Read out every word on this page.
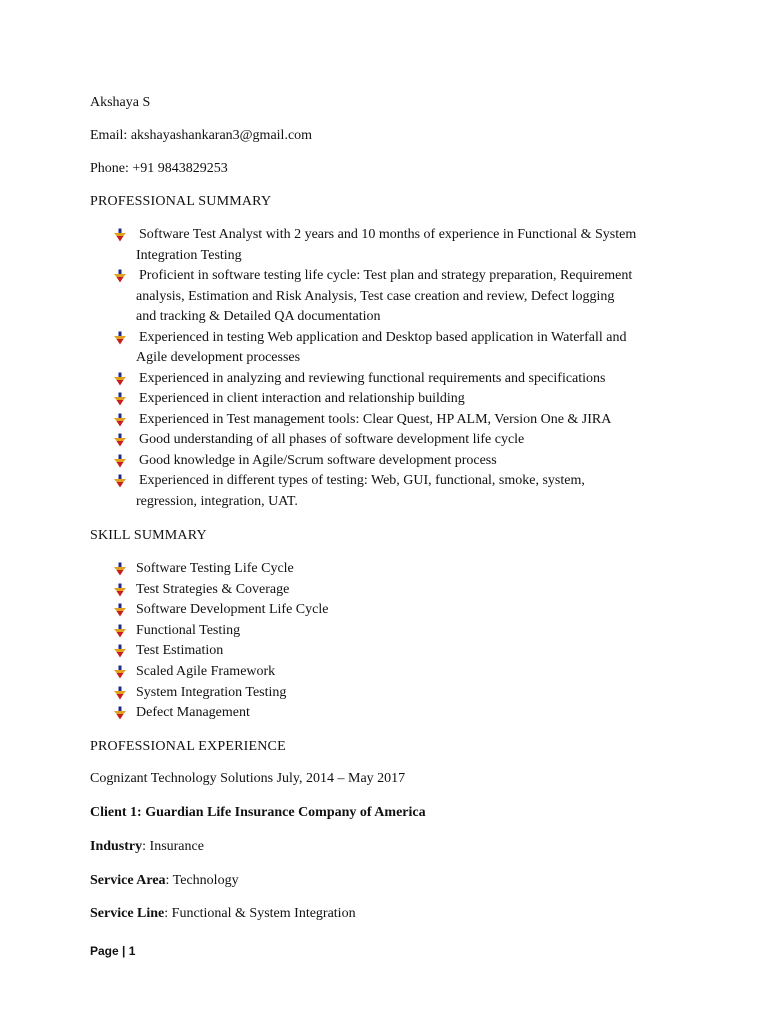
Akshaya S
Email: akshayashankaran3@gmail.com
Phone: +91 9843829253
PROFESSIONAL SUMMARY
Software Test Analyst with 2 years and 10 months of experience in Functional & System
Integration Testing
Proficient in software testing life cycle: Test plan and strategy preparation, Requirement
analysis, Estimation and Risk Analysis, Test case creation and review, Defect logging
and tracking & Detailed QA documentation
Experienced in testing Web application and Desktop based application in Waterfall and
Agile development processes
Experienced in analyzing and reviewing functional requirements and specifications
Experienced in client interaction and relationship building
Experienced in Test management tools: Clear Quest, HP ALM, Version One & JIRA
Good understanding of all phases of software development life cycle
Good knowledge in Agile/Scrum software development process
Experienced in different types of testing: Web, GUI, functional, smoke, system,
regression, integration, UAT.
SKILL SUMMARY
Software Testing Life Cycle
Test Strategies & Coverage
Software Development Life Cycle
Functional Testing
Test Estimation
Scaled Agile Framework
System Integration Testing
Defect Management
PROFESSIONAL EXPERIENCE
Cognizant Technology Solutions July, 2014 – May 2017
Client 1: Guardian Life Insurance Company of America
Industry: Insurance
Service Area: Technology
Service Line: Functional & System Integration
Page | 1
